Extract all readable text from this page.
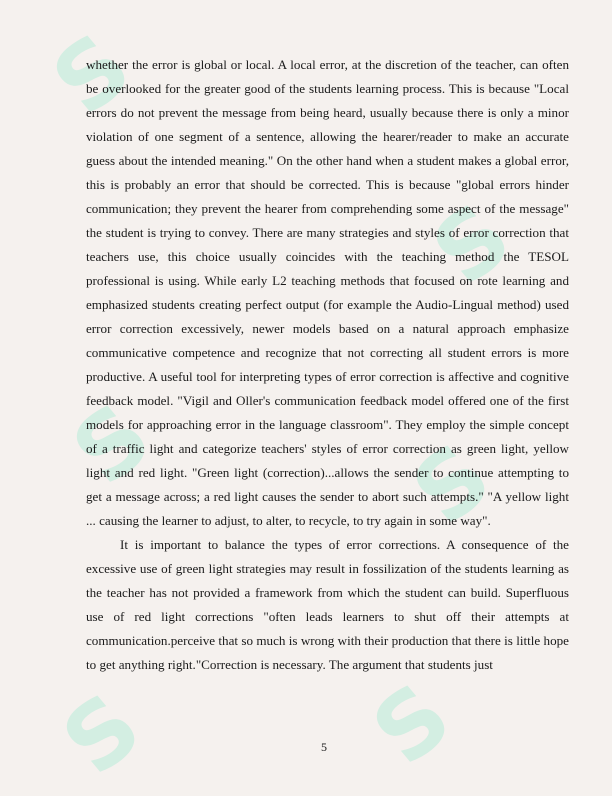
S
S
S S
S S

whether the error is global or local. A local error, at the discretion of the teacher, can often be overlooked for the greater good of the students learning process. This is because "Local errors do not prevent the message from being heard, usually because there is only a minor violation of one segment of a sentence, allowing the hearer/reader to make an accurate guess about the intended meaning." On the other hand when a student makes a global error, this is probably an error that should be corrected. This is because "global errors hinder communication; they prevent the hearer from comprehending some aspect of the message" the student is trying to convey. There are many strategies and styles of error correction that teachers use, this choice usually coincides with the teaching method the TESOL professional is using. While early L2 teaching methods that focused on rote learning and emphasized students creating perfect output (for example the Audio-Lingual method) used error correction excessively, newer models based on a natural approach emphasize communicative competence and recognize that not correcting all student errors is more productive. A useful tool for interpreting types of error correction is affective and cognitive feedback model. "Vigil and Oller's communication feedback model offered one of the first models for approaching error in the language classroom". They employ the simple concept of a traffic light and categorize teachers' styles of error correction as green light, yellow light and red light. "Green light (correction)...allows the sender to continue attempting to get a message across; a red light causes the sender to abort such attempts." "A yellow light ... causing the learner to adjust, to alter, to recycle, to try again in some way".

It is important to balance the types of error corrections. A consequence of the excessive use of green light strategies may result in fossilization of the students learning as the teacher has not provided a framework from which the student can build. Superfluous use of red light corrections "often leads learners to shut off their attempts at communication.perceive that so much is wrong with their production that there is little hope to get anything right."Correction is necessary. The argument that students just

5
